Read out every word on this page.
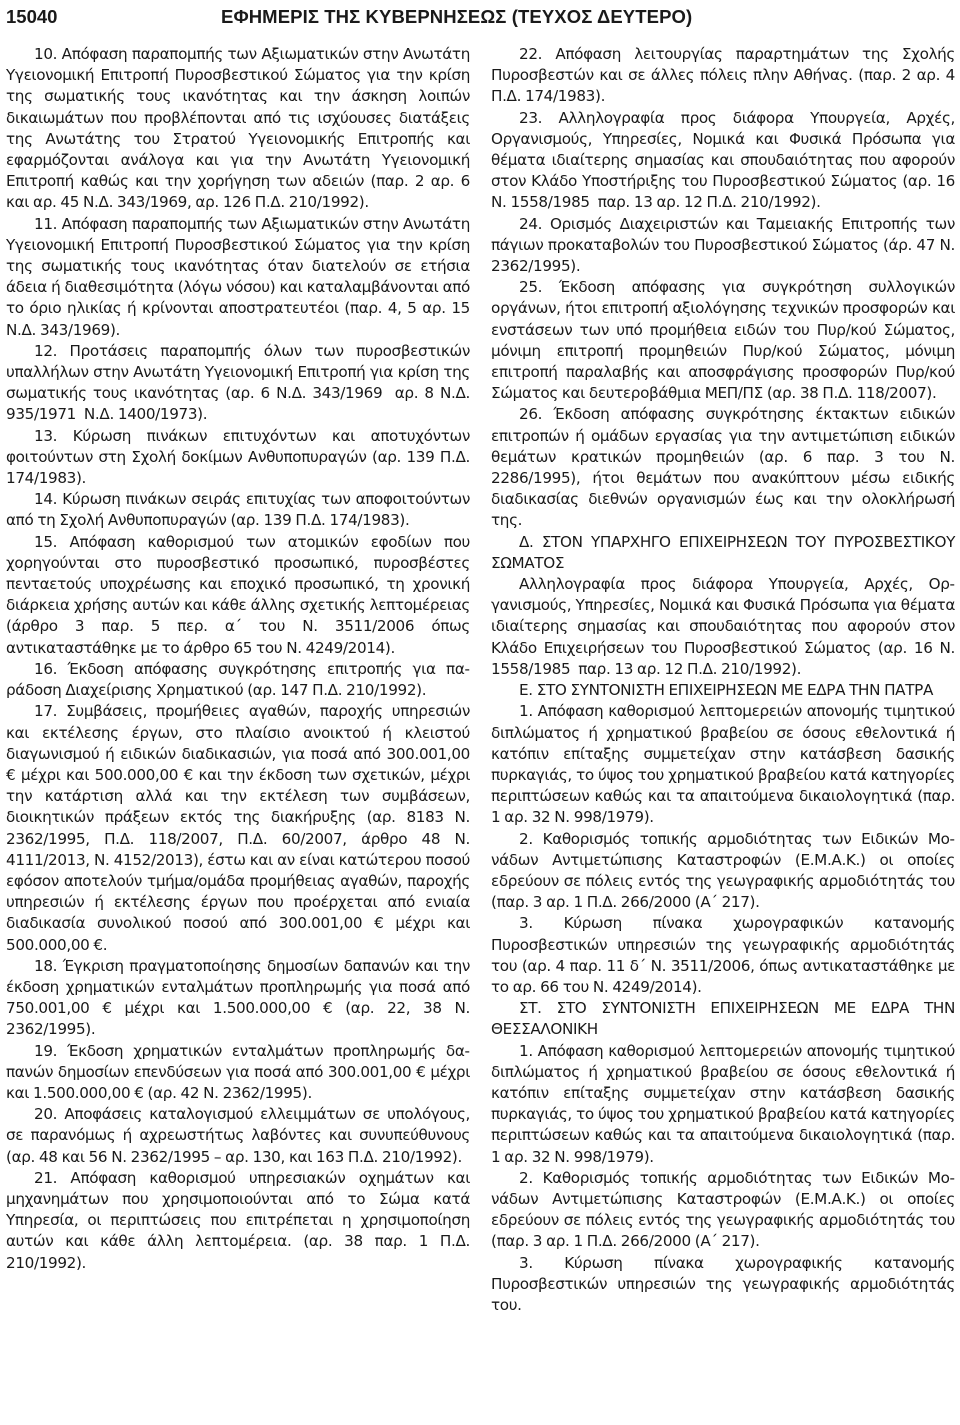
15040	ΕΦΗΜΕΡΙΣ ΤΗΣ ΚΥΒΕΡΝΗΣΕΩΣ (ΤΕΥΧΟΣ ΔΕΥΤΕΡΟ)

10. Απόφαση παραπομπής των Αξιωματικών στην Ανωτάτη Υγειονομική Επιτροπή Πυροσβεστικού Σώματος για την κρίση της σωματικής τους ικανότητας και την άσκηση λοιπών δικαιωμάτων που προβλέπονται από τις ισχύουσες διατάξεις της Ανωτάτης του Στρατού Υγειονομικής Επιτροπής και εφαρμόζονται ανάλογα και για την Ανωτάτη Υγειονομική Επιτροπή καθώς και την χορήγηση των αδειών (παρ. 2 αρ. 6 και αρ. 45 Ν.Δ. 343/1969, αρ. 126 Π.Δ. 210/1992).

11. Απόφαση παραπομπής των Αξιωματικών στην Ανωτάτη Υγειονομική Επιτροπή Πυροσβεστικού Σώματος για την κρίση της σωματικής τους ικανότητας όταν διατελούν σε ετήσια άδεια ή διαθεσιμότητα (λόγω νόσου) και καταλαμβάνονται από το όριο ηλικίας ή κρίνονται αποστρατευτέοι (παρ. 4, 5 αρ. 15 Ν.Δ. 343/1969).

12. Προτάσεις παραπομπής όλων των πυροσβεστικών υπαλλήλων στην Ανωτάτη Υγειονομική Επιτροπή για κρίση της σωματικής τους ικανότητας (αρ. 6 Ν.Δ. 343/1969 αρ. 8 Ν.Δ. 935/1971 Ν.Δ. 1400/1973).

13. Κύρωση πινάκων επιτυχόντων και αποτυχόντων φοιτούντων στη Σχολή δοκίμων Ανθυποπυραγών (αρ. 139 Π.Δ. 174/1983).

14. Κύρωση πινάκων σειράς επιτυχίας των αποφοιτούντων από τη Σχολή Ανθυποπυραγών (αρ. 139 Π.Δ. 174/1983).

15. Απόφαση καθορισμού των ατομικών εφοδίων που χορηγούνται στο πυροσβεστικό προσωπικό, πυροσβέστες πενταετούς υποχρέωσης και εποχικό προσωπικό, τη χρονική διάρκεια χρήσης αυτών και κάθε άλλης σχετικής λεπτομέρειας (άρθρο 3 παρ. 5 περ. α΄ του Ν. 3511/2006 όπως αντικαταστάθηκε με το άρθρο 65 του Ν. 4249/2014).

16. Έκδοση απόφασης συγκρότησης επιτροπής για παράδοση Διαχείρισης Χρηματικού (αρ. 147 Π.Δ. 210/1992).

17. Συμβάσεις, προμήθειες αγαθών, παροχής υπηρεσιών και εκτέλεσης έργων, στο πλαίσιο ανοικτού ή κλειστού διαγωνισμού ή ειδικών διαδικασιών, για ποσά από 300.001,00 € μέχρι και 500.000,00 € και την έκδοση των σχετικών, μέχρι την κατάρτιση αλλά και την εκτέλεση των συμβάσεων, διοικητικών πράξεων εκτός της διακήρυξης (αρ. 8183 Ν. 2362/1995, Π.Δ. 118/2007, Π.Δ. 60/2007, άρθρο 48 Ν. 4111/2013, Ν. 4152/2013), έστω και αν είναι κατώτερου ποσού εφόσον αποτελούν τμήμα/ομάδα προμήθειας αγαθών, παροχής υπηρεσιών ή εκτέλεσης έργων που προέρχεται από ενιαία διαδικασία συνολικού ποσού από 300.001,00 € μέχρι και 500.000,00 €.

18. Έγκριση πραγματοποίησης δημοσίων δαπανών και την έκδοση χρηματικών ενταλμάτων προπληρωμής για ποσά από 750.001,00 € μέχρι και 1.500.000,00 € (αρ. 22, 38 Ν. 2362/1995).

19. Έκδοση χρηματικών ενταλμάτων προπληρωμής δαπανών δημοσίων επενδύσεων για ποσά από 300.001,00 € μέχρι και 1.500.000,00 € (αρ. 42 Ν. 2362/1995).

20. Αποφάσεις καταλογισμού ελλειμμάτων σε υπολόγους, σε παρανόμως ή αχρεωστήτως λαβόντες και συνυπεύθυνους (αρ. 48 και 56 Ν. 2362/1995 – αρ. 130, και 163 Π.Δ. 210/1992).

21. Απόφαση καθορισμού υπηρεσιακών οχημάτων και μηχανημάτων που χρησιμοποιούνται από το Σώμα κατά Υπηρεσία, οι περιπτώσεις που επιτρέπεται η χρησιμοποίηση αυτών και κάθε άλλη λεπτομέρεια. (αρ. 38 παρ. 1 Π.Δ. 210/1992).

22. Απόφαση λειτουργίας παραρτημάτων της Σχολής Πυροσβεστών και σε άλλες πόλεις πλην Αθήνας. (παρ. 2 αρ. 4 Π.Δ. 174/1983).

23. Αλληλογραφία προς διάφορα Υπουργεία, Αρχές, Οργανισμούς, Υπηρεσίες, Νομικά και Φυσικά Πρόσωπα για θέματα ιδιαίτερης σημασίας και σπουδαιότητας που αφορούν στον Κλάδο Υποστήριξης του Πυροσβεστικού Σώματος (αρ. 16 Ν. 1558/1985 παρ. 13 αρ. 12 Π.Δ. 210/1992).

24. Ορισμός Διαχειριστών και Ταμειακής Επιτροπής των πάγιων προκαταβολών του Πυροσβεστικού Σώματος (άρ. 47 Ν. 2362/1995).

25. Έκδοση απόφασης για συγκρότηση συλλογικών οργάνων, ήτοι επιτροπή αξιολόγησης τεχνικών προσφορών και ενστάσεων των υπό προμήθεια ειδών του Πυρ/κού Σώματος, μόνιμη επιτροπή προμηθειών Πυρ/κού Σώματος, μόνιμη επιτροπή παραλαβής και αποσφράγισης προσφορών Πυρ/κού Σώματος και δευτεροβάθμια ΜΕΠ/ΠΣ (αρ. 38 Π.Δ. 118/2007).

26. Έκδοση απόφασης συγκρότησης έκτακτων ειδικών επιτροπών ή ομάδων εργασίας για την αντιμετώπιση ειδικών θεμάτων κρατικών προμηθειών (αρ. 6 παρ. 3 του Ν. 2286/1995), ήτοι θεμάτων που ανακύπτουν μέσω ειδικής διαδικασίας διεθνών οργανισμών έως και την ολοκλήρωσή της.

Δ. ΣΤΟΝ ΥΠΑΡΧΗΓΟ ΕΠΙΧΕΙΡΗΣΕΩΝ ΤΟΥ ΠΥΡΟΣΒΕΣΤΙΚΟΥ ΣΩΜΑΤΟΣ

Αλληλογραφία προς διάφορα Υπουργεία, Αρχές, Οργανισμούς, Υπηρεσίες, Νομικά και Φυσικά Πρόσωπα για θέματα ιδιαίτερης σημασίας και σπουδαιότητας που αφορούν στον Κλάδο Επιχειρήσεων του Πυροσβεστικού Σώματος (αρ. 16 Ν. 1558/1985 παρ. 13 αρ. 12 Π.Δ. 210/1992).

Ε. ΣΤΟ ΣΥΝΤΟΝΙΣΤΗ ΕΠΙΧΕΙΡΗΣΕΩΝ ΜΕ ΕΔΡΑ ΤΗΝ ΠΑΤΡΑ

1. Απόφαση καθορισμού λεπτομερειών απονομής τιμητικού διπλώματος ή χρηματικού βραβείου σε όσους εθελοντικά ή κατόπιν επίταξης συμμετείχαν στην κατάσβεση δασικής πυρκαγιάς, το ύψος του χρηματικού βραβείου κατά κατηγορίες περιπτώσεων καθώς και τα απαιτούμενα δικαιολογητικά (παρ. 1 αρ. 32 Ν. 998/1979).

2. Καθορισμός τοπικής αρμοδιότητας των Ειδικών Μονάδων Αντιμετώπισης Καταστροφών (Ε.Μ.Α.Κ.) οι οποίες εδρεύουν σε πόλεις εντός της γεωγραφικής αρμοδιότητάς του (παρ. 3 αρ. 1 Π.Δ. 266/2000 (Α΄ 217).

3. Κύρωση πίνακα χωρογραφικών κατανομής Πυροσβεστικών υπηρεσιών της γεωγραφικής αρμοδιότητάς του (αρ. 4 παρ. 11 δ΄ Ν. 3511/2006, όπως αντικαταστάθηκε με το αρ. 66 του Ν. 4249/2014).

ΣΤ. ΣΤΟ ΣΥΝΤΟΝΙΣΤΗ ΕΠΙΧΕΙΡΗΣΕΩΝ ΜΕ ΕΔΡΑ ΤΗΝ ΘΕΣΣΑΛΟΝΙΚΗ

1. Απόφαση καθορισμού λεπτομερειών απονομής τιμητικού διπλώματος ή χρηματικού βραβείου σε όσους εθελοντικά ή κατόπιν επίταξης συμμετείχαν στην κατάσβεση δασικής πυρκαγιάς, το ύψος του χρηματικού βραβείου κατά κατηγορίες περιπτώσεων καθώς και τα απαιτούμενα δικαιολογητικά (παρ. 1 αρ. 32 Ν. 998/1979).

2. Καθορισμός τοπικής αρμοδιότητας των Ειδικών Μονάδων Αντιμετώπισης Καταστροφών (Ε.Μ.Α.Κ.) οι οποίες εδρεύουν σε πόλεις εντός της γεωγραφικής αρμοδιότητάς του (παρ. 3 αρ. 1 Π.Δ. 266/2000 (Α΄ 217).

3. Κύρωση πίνακα χωρογραφικής κατανομής Πυροσβεστικών υπηρεσιών της γεωγραφικής αρμοδιότητάς του.
